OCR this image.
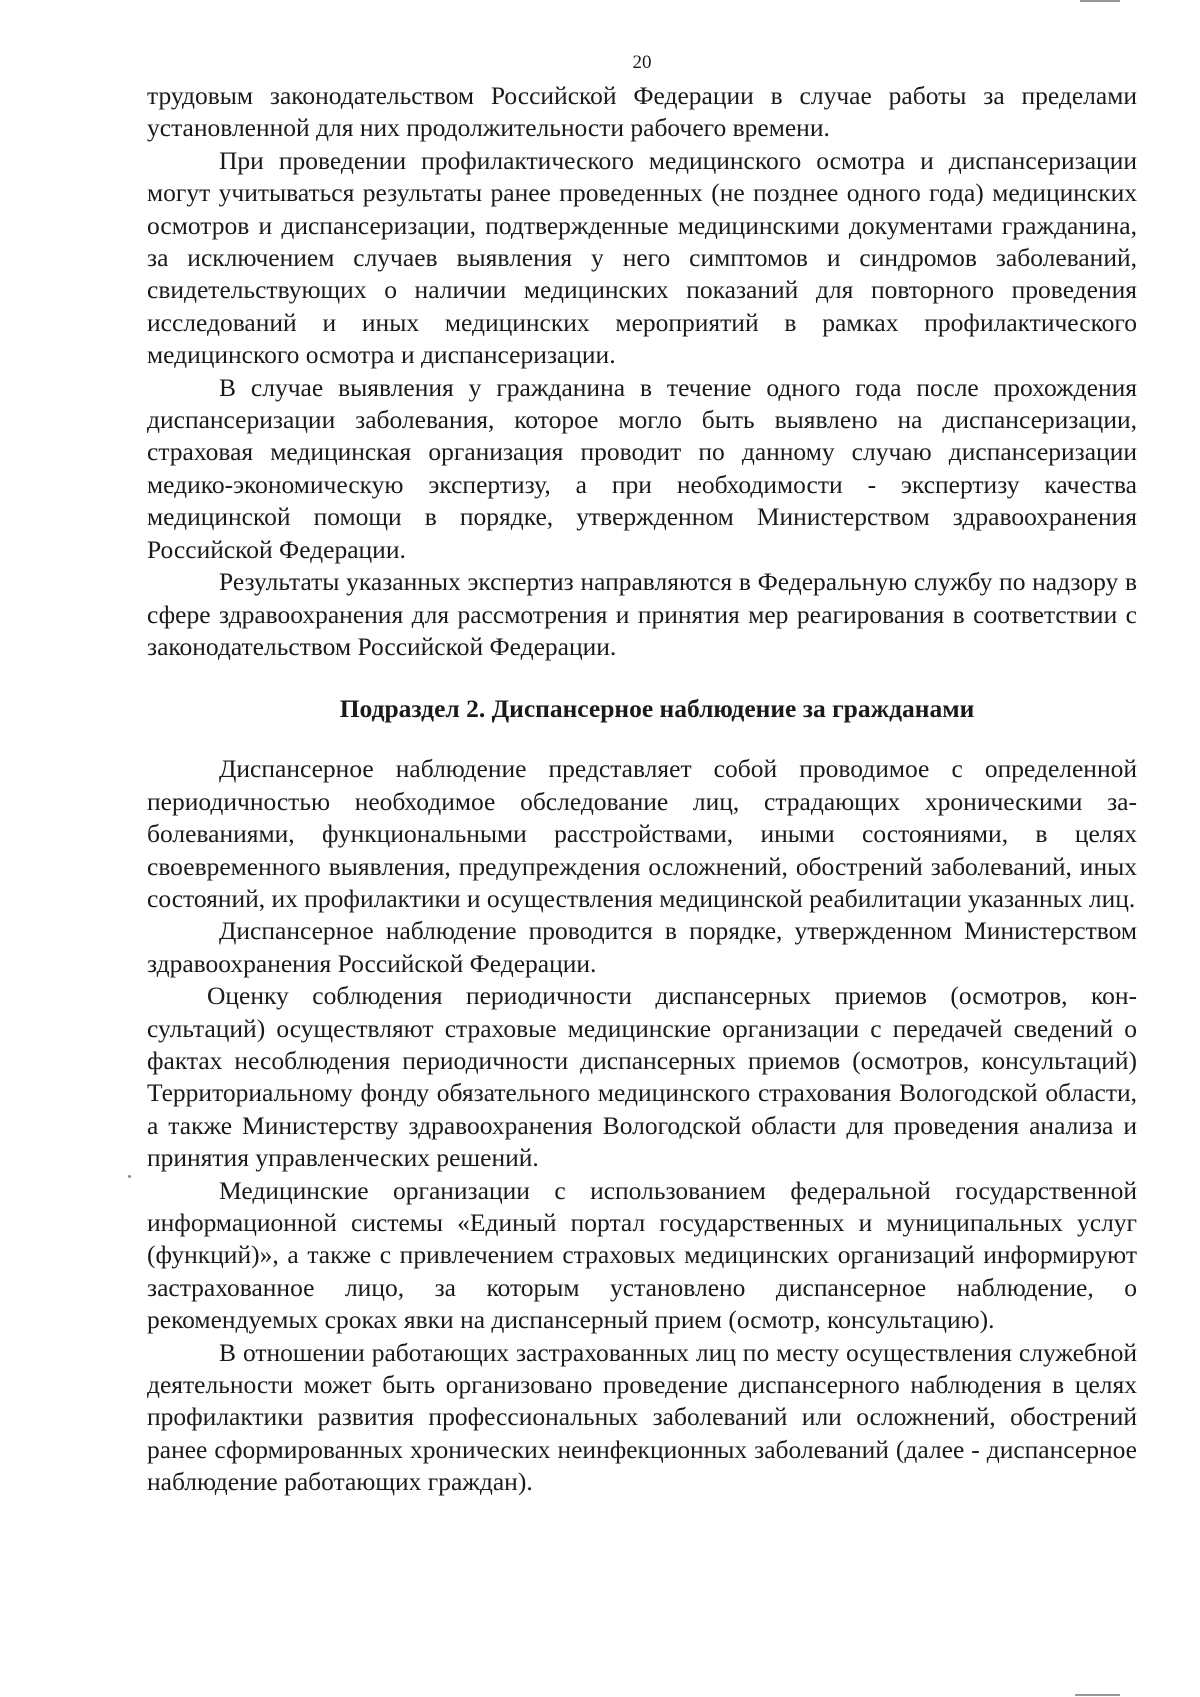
20

трудовым законодательством Российской Федерации в случае работы за пределами установленной для них продолжительности рабочего времени.

При проведении профилактического медицинского осмотра и диспансеризации могут учитываться результаты ранее проведенных (не позднее одного года) медицинских осмотров и диспансеризации, подтвержденные медицинскими документами гражданина, за исключением случаев выявления у него симптомов и синдромов заболеваний, свидетельствующих о наличии медицинских показаний для повторного проведения исследований и иных медицинских мероприятий в рамках профилактического медицинского осмотра и диспансеризации.

В случае выявления у гражданина в течение одного года после прохождения диспансеризации заболевания, которое могло быть выявлено на диспансеризации, страховая медицинская организация проводит по данному случаю диспансеризации медико-экономическую экспертизу, а при необходимости - экспертизу качества медицинской помощи в порядке, утвержденном Министерством здравоохранения Российской Федерации.

Результаты указанных экспертиз направляются в Федеральную службу по надзору в сфере здравоохранения для рассмотрения и принятия мер реагирования в соответствии с законодательством Российской Федерации.

Подраздел 2. Диспансерное наблюдение за гражданами

Диспансерное наблюдение представляет собой проводимое с определенной периодичностью необходимое обследование лиц, страдающих хроническими заболеваниями, функциональными расстройствами, иными состояниями, в целях своевременного выявления, предупреждения осложнений, обострений заболеваний, иных состояний, их профилактики и осуществления медицинской реабилитации указанных лиц.

Диспансерное наблюдение проводится в порядке, утвержденном Министерством здравоохранения Российской Федерации.

Оценку соблюдения периодичности диспансерных приемов (осмотров, консультаций) осуществляют страховые медицинские организации с передачей сведений о фактах несоблюдения периодичности диспансерных приемов (осмотров, консультаций) Территориальному фонду обязательного медицинского страхования Вологодской области, а также Министерству здравоохранения Вологодской области для проведения анализа и принятия управленческих решений.

Медицинские организации с использованием федеральной государственной информационной системы «Единый портал государственных и муниципальных услуг (функций)», а также с привлечением страховых медицинских организаций информируют застрахованное лицо, за которым установлено диспансерное наблюдение, о рекомендуемых сроках явки на диспансерный прием (осмотр, консультацию).

В отношении работающих застрахованных лиц по месту осуществления служебной деятельности может быть организовано проведение диспансерного наблюдения в целях профилактики развития профессиональных заболеваний или осложнений, обострений ранее сформированных хронических неинфекционных заболеваний (далее - диспансерное наблюдение работающих граждан).
